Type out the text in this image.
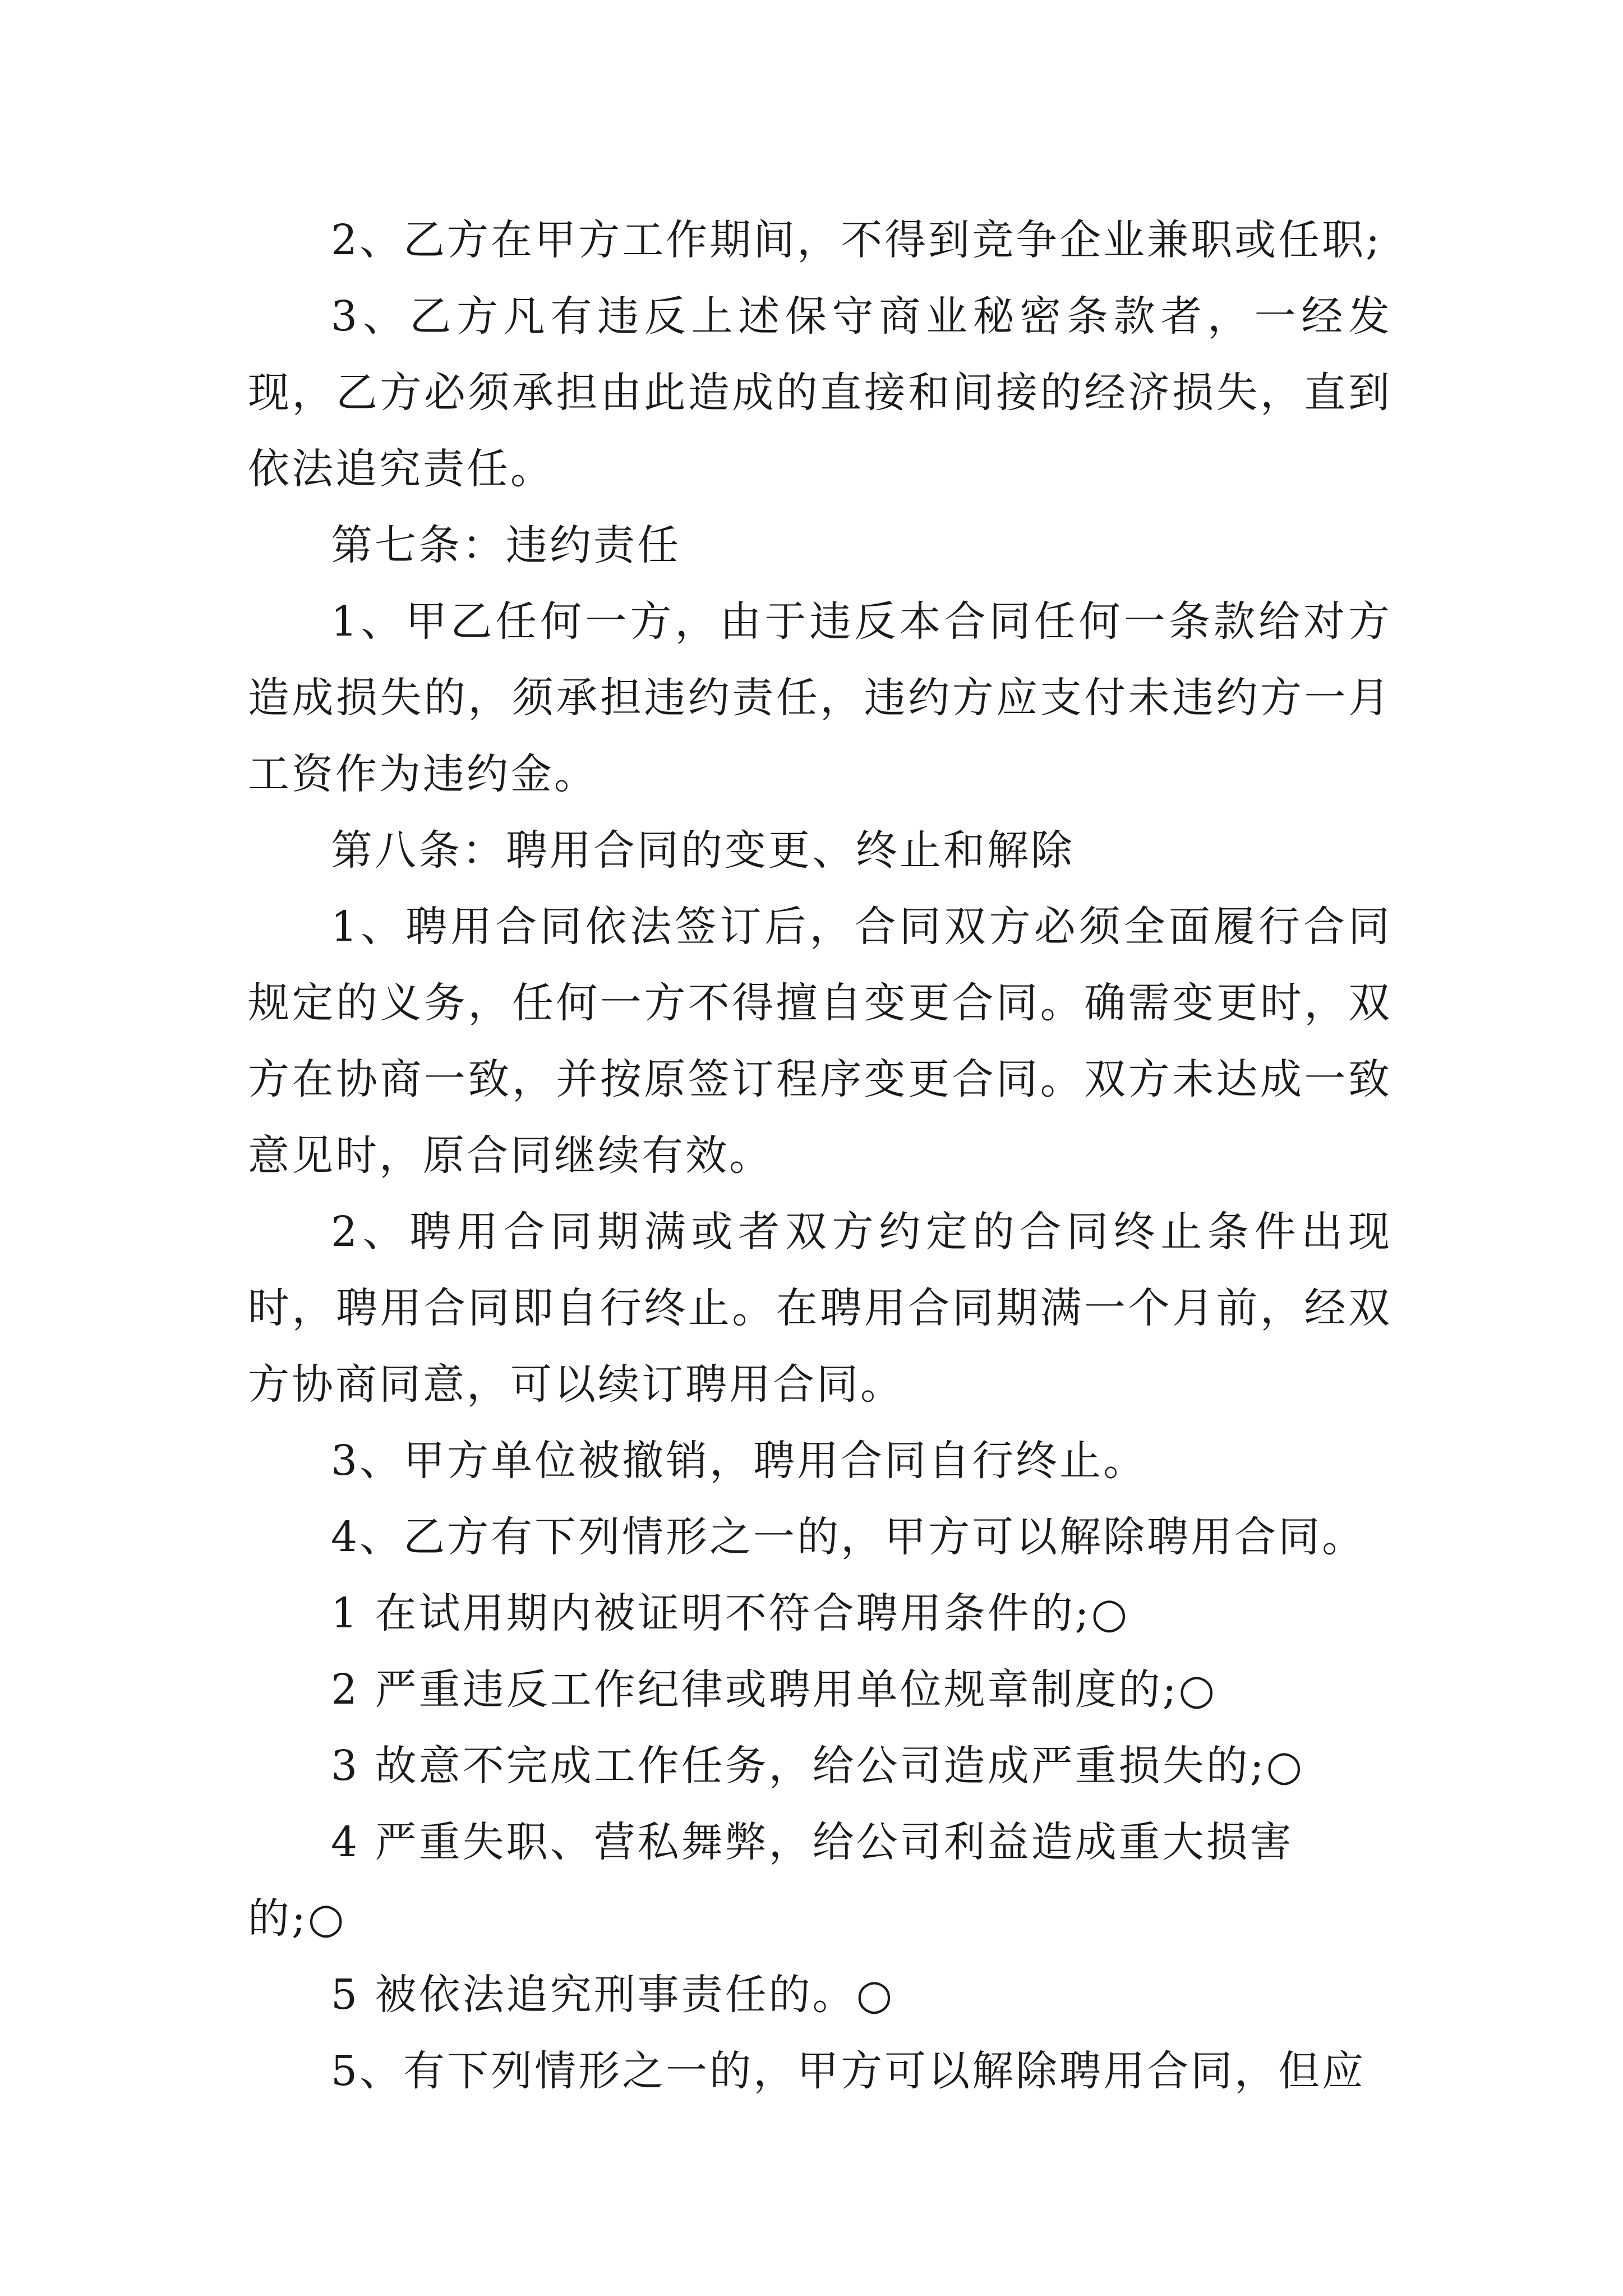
2、乙方在甲方工作期间，不得到竞争企业兼职或任职;

3、乙方凡有违反上述保守商业秘密条款者，一经发现，乙方必须承担由此造成的直接和间接的经济损失，直到依法追究责任。

第七条：违约责任

1、甲乙任何一方，由于违反本合同任何一条款给对方造成损失的，须承担违约责任，违约方应支付未违约方一月工资作为违约金。

第八条：聘用合同的变更、终止和解除

1、聘用合同依法签订后，合同双方必须全面履行合同规定的义务，任何一方不得擅自变更合同。确需变更时，双方在协商一致，并按原签订程序变更合同。双方未达成一致意见时，原合同继续有效。

2、聘用合同期满或者双方约定的合同终止条件出现时，聘用合同即自行终止。在聘用合同期满一个月前，经双方协商同意，可以续订聘用合同。

3、甲方单位被撤销，聘用合同自行终止。

4、乙方有下列情形之一的，甲方可以解除聘用合同。

1 在试用期内被证明不符合聘用条件的;○

2 严重违反工作纪律或聘用单位规章制度的;○

3 故意不完成工作任务，给公司造成严重损失的;○

4 严重失职、营私舞弊，给公司利益造成重大损害的;○

5 被依法追究刑事责任的。○

5、有下列情形之一的，甲方可以解除聘用合同，但应
